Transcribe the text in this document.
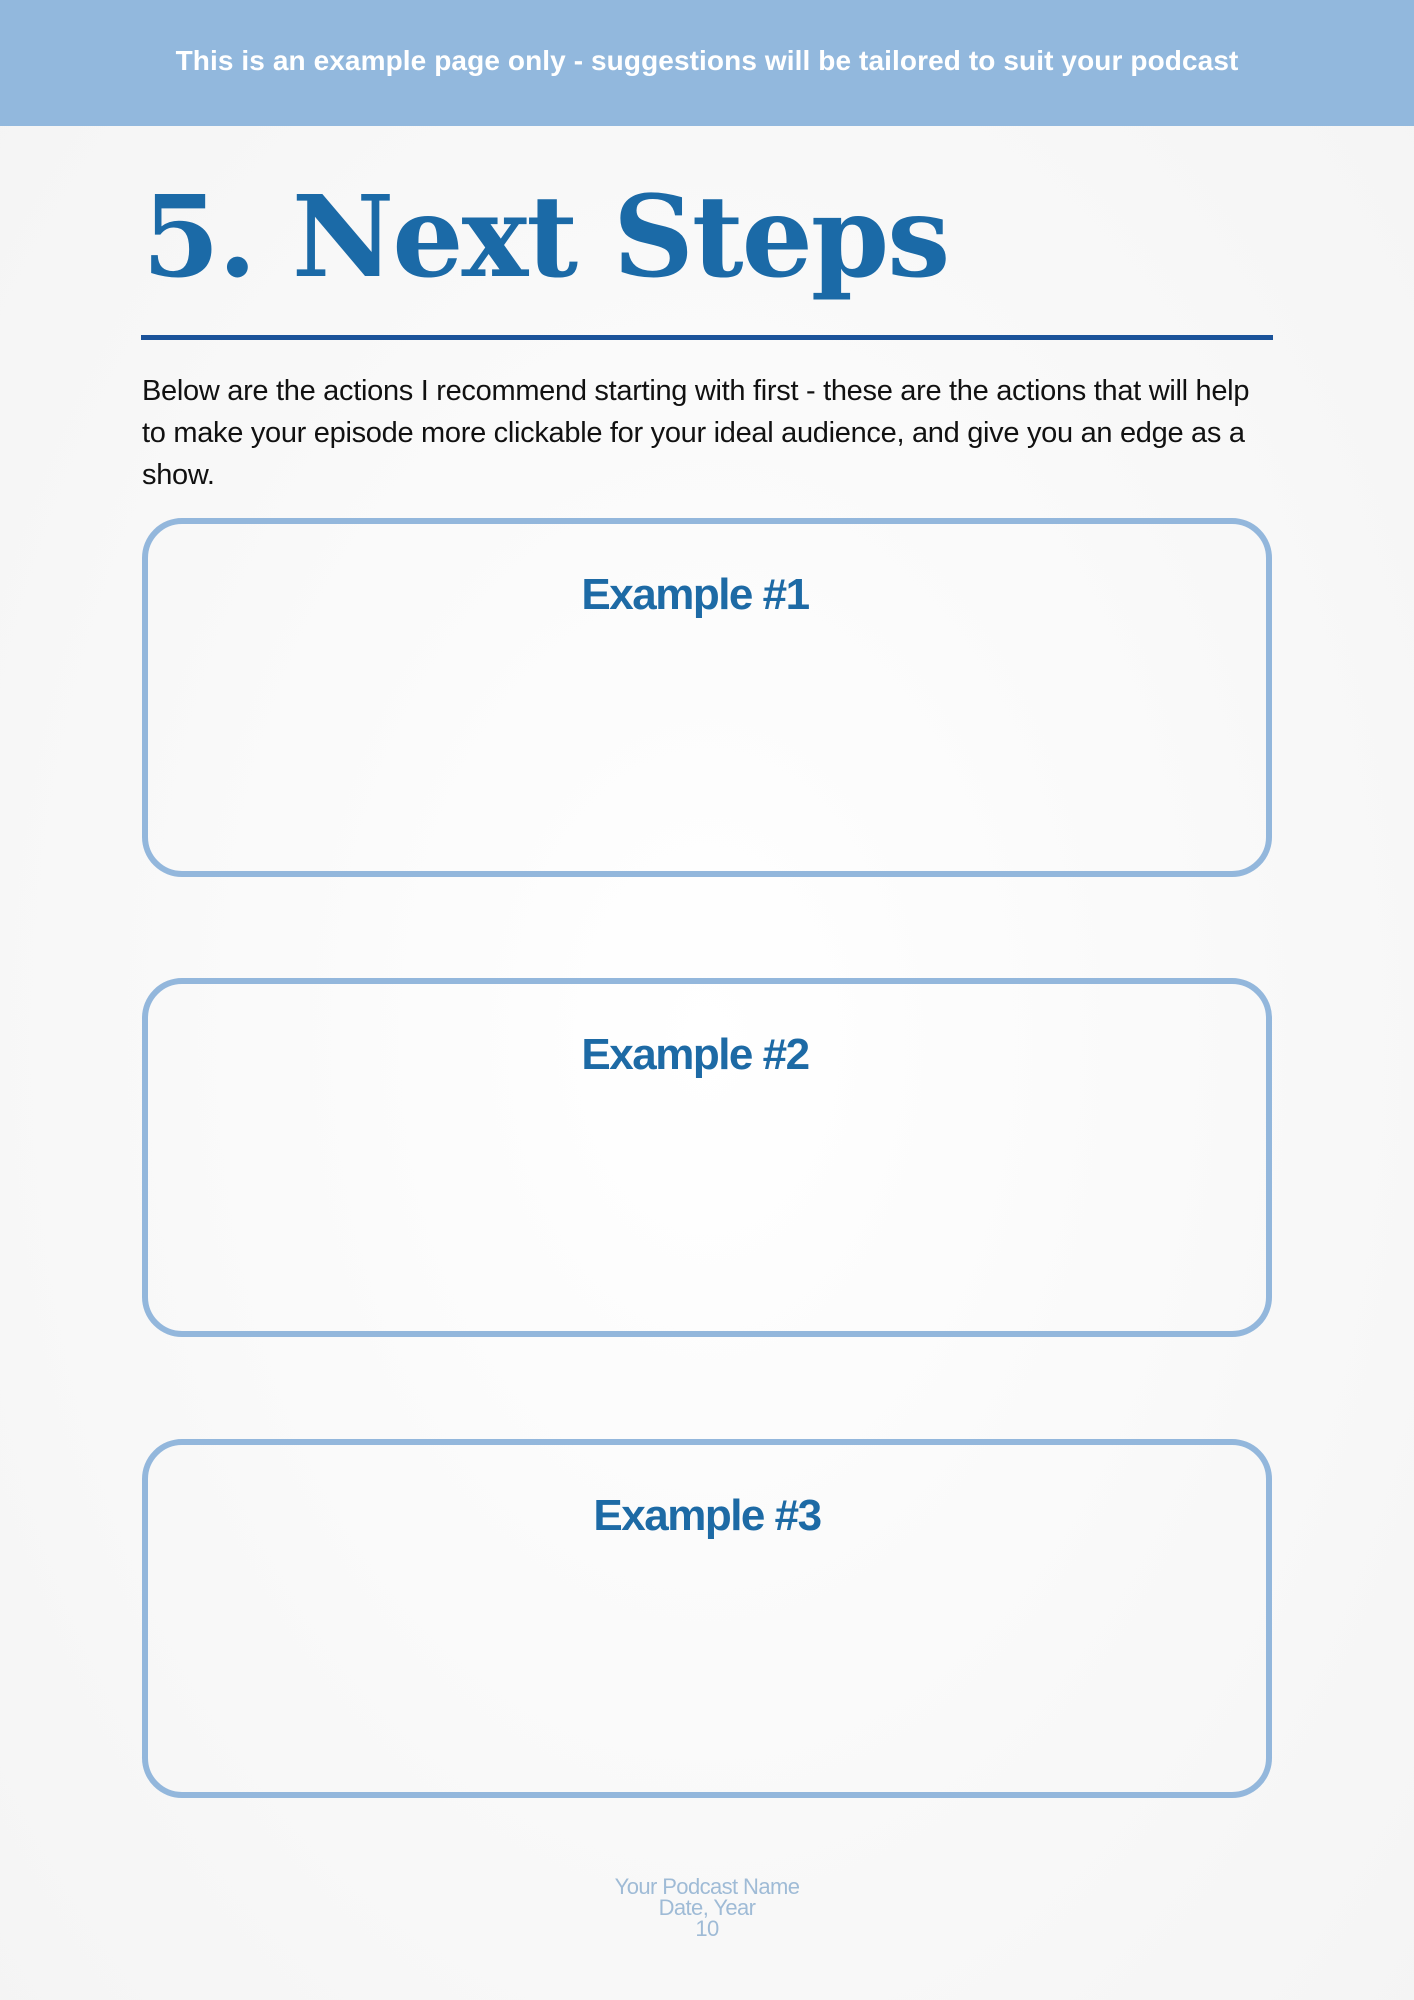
This is an example page only - suggestions will be tailored to suit your podcast
5. Next Steps

Below are the actions I recommend starting with first - these are the actions that will help to make your episode more clickable for your ideal audience, and give you an edge as a show.

Example #1
Example #2
Example #3
Your Podcast Name
Date, Year
10
